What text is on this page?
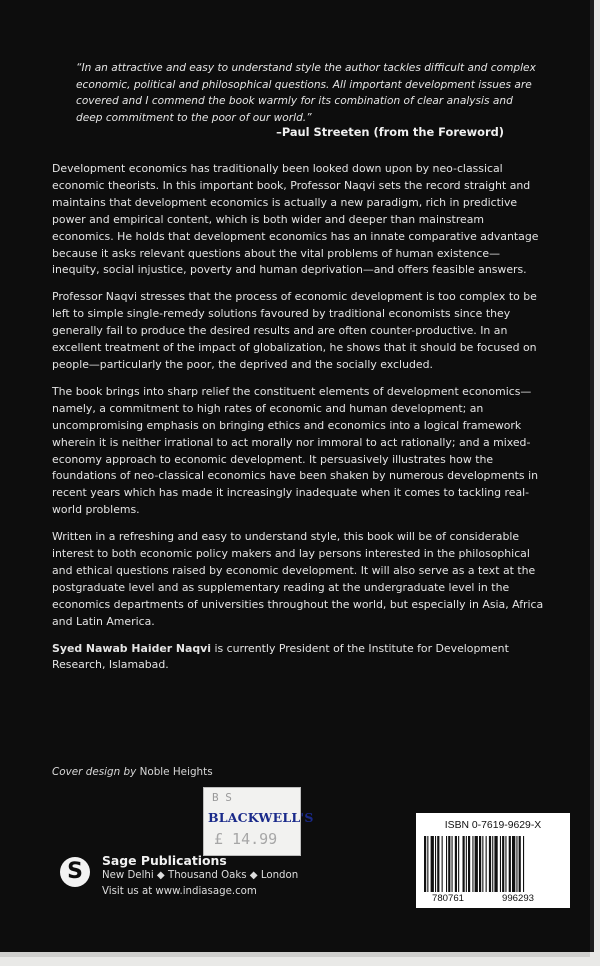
“In an attractive and easy to understand style the author tackles difficult and complex economic, political and philosophical questions. All important development issues are covered and I commend the book warmly for its combination of clear analysis and deep commitment to the poor of our world.”
–Paul Streeten (from the Foreword)

Development economics has traditionally been looked down upon by neo-classical economic theorists. In this important book, Professor Naqvi sets the record straight and maintains that development economics is actually a new paradigm, rich in predictive power and empirical content, which is both wider and deeper than mainstream economics. He holds that development economics has an innate comparative advantage because it asks relevant questions about the vital problems of human existence—inequity, social injustice, poverty and human deprivation—and offers feasible answers.

Professor Naqvi stresses that the process of economic development is too complex to be left to simple single-remedy solutions favoured by traditional economists since they generally fail to produce the desired results and are often counter-productive. In an excellent treatment of the impact of globalization, he shows that it should be focused on people—particularly the poor, the deprived and the socially excluded.

The book brings into sharp relief the constituent elements of development economics—namely, a commitment to high rates of economic and human development; an uncompromising emphasis on bringing ethics and economics into a logical framework wherein it is neither irrational to act morally nor immoral to act rationally; and a mixed-economy approach to economic development. It persuasively illustrates how the foundations of neo-classical economics have been shaken by numerous developments in recent years which has made it increasingly inadequate when it comes to tackling real-world problems.

Written in a refreshing and easy to understand style, this book will be of considerable interest to both economic policy makers and lay persons interested in the philosophical and ethical questions raised by economic development. It will also serve as a text at the postgraduate level and as supplementary reading at the undergraduate level in the economics departments of universities throughout the world, but especially in Asia, Africa and Latin America.

Syed Nawab Haider Naqvi is currently President of the Institute for Development Research, Islamabad.

Cover design by Noble Heights
B S
BLACKWELL'S
£ 14.99
S	Sage Publications
New Delhi ◆ Thousand Oaks ◆ London
Visit us at www.indiasage.com
ISBN 0-7619-9629-X
780761	996293
